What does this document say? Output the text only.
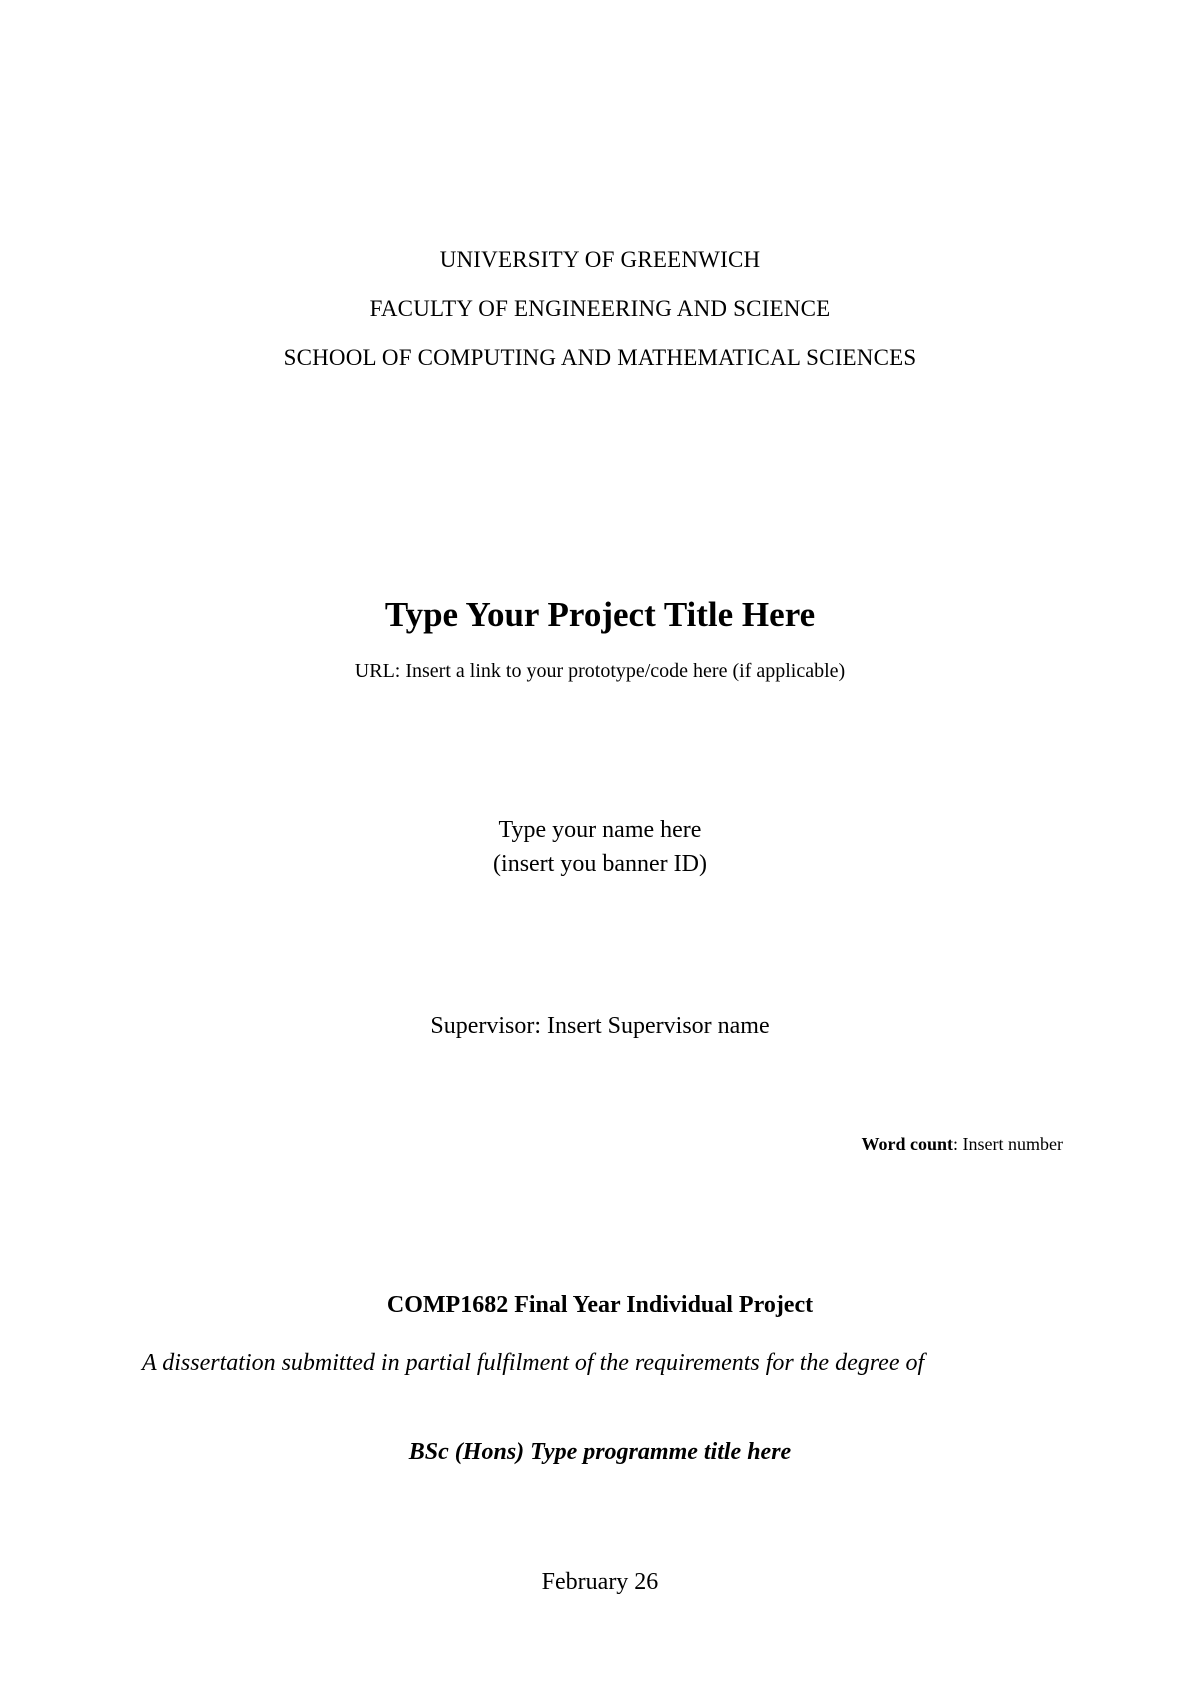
UNIVERSITY OF GREENWICH
FACULTY OF ENGINEERING AND SCIENCE
SCHOOL OF COMPUTING AND MATHEMATICAL SCIENCES
Type Your Project Title Here
URL: Insert a link to your prototype/code here (if applicable)
Type your name here
(insert you banner ID)
Supervisor: Insert Supervisor name
Word count: Insert number
COMP1682 Final Year Individual Project

A dissertation submitted in partial fulfilment of the requirements for the degree of

BSc (Hons) Type programme title here
February 26
